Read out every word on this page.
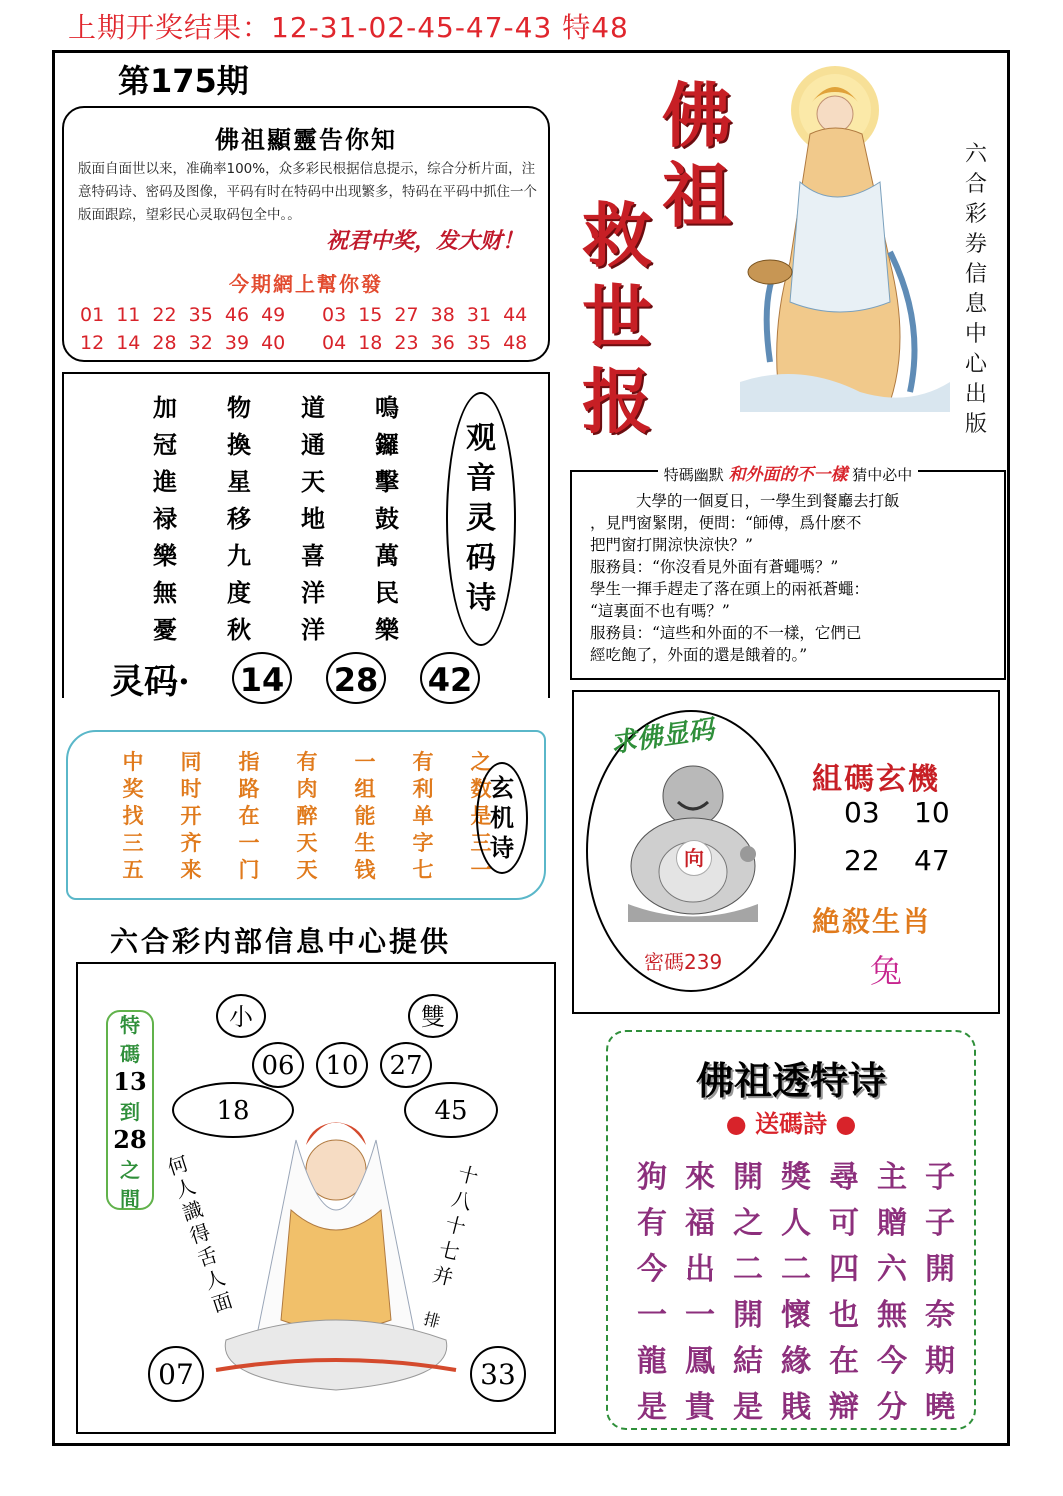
上期开奖结果：12-31-02-45-47-43 特48
第175期
佛祖顯靈告你知
版面自面世以来，准确率100%，众多彩民根据信息提示，综合分析片面，注意特码诗、密码及图像，平码有时在特码中出现繁多，特码在平码中抓住一个版面跟踪，望彩民心灵取码包全中。。
祝君中奖，发大财！
今期網上幫你發
01 11 22 35 46 49 03 15 27 38 31 44
12 14 28 32 39 40 04 18 23 36 35 48
佛
祖
救
世
报
六
合
彩
券
信
息
中
心
出
版
加	物	道	鳴
冠	換	通	鑼
進	星	天	擊
禄	移	地	鼓
樂	九	喜	萬
無	度	洋	民
憂	秋	洋	樂
观
音
灵
码
诗
灵码· 14 28 42
特碼幽默 和外面的不一樣 猜中必中
大學的一個夏日，一學生到餐廳去打飯
，見門窗緊閉，便問：“師傅，爲什麽不
把門窗打開涼快涼快？”
服務員：“你沒看見外面有蒼蠅嗎？”
學生一揮手趕走了落在頭上的兩祇蒼蠅：
“這裏面不也有嗎？”
服務員：“這些和外面的不一樣，它們已
經吃飽了，外面的還是餓着的。”
求佛显码
向
密碼239
組碼玄機
03 10
22 47
絶殺生肖
兔
中	同	指	有	一	有	之
奖	时	路	肉	组	利	数
找	开	在	醉	能	单	是
三	齐	一	天	生	字	三
五	来	门	天	钱	七	一
玄
机
诗
六合彩内部信息中心提供
小	雙
06	10	27
18	45
07	33
特
碼
13
到
28
之
間
何
人
識
得
舌
人
面
十
八
十
七
并
排
佛祖透特诗
● 送碼詩 ●
狗 來 開 獎 尋 主 子
有 福 之 人 可 贈 子
今 出 二 二 四 六 開
一 一 開 懷 也 無 奈
龍 鳳 結 緣 在 今 期
是 貴 是 賎 辯 分 曉
